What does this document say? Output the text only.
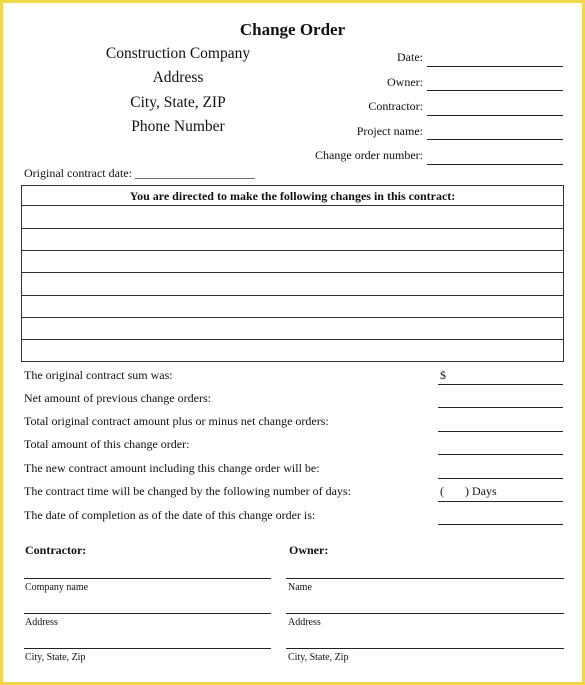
Change Order
Construction Company
Address
City, State, ZIP
Phone Number
Date:
Owner:
Contractor:
Project name:
Change order number:
Original contract date: ____________________
You are directed to make the following changes in this contract:
The original contract sum was:	$
Net amount of previous change orders:
Total original contract amount plus or minus net change orders:
Total amount of this change order:
The new contract amount including this change order will be:
The contract time will be changed by the following number of days:	(       ) Days
The date of completion as of the date of this change order is:
Contractor:	Owner:
Company name	Name
Address	Address
City, State, Zip	City, State, Zip
